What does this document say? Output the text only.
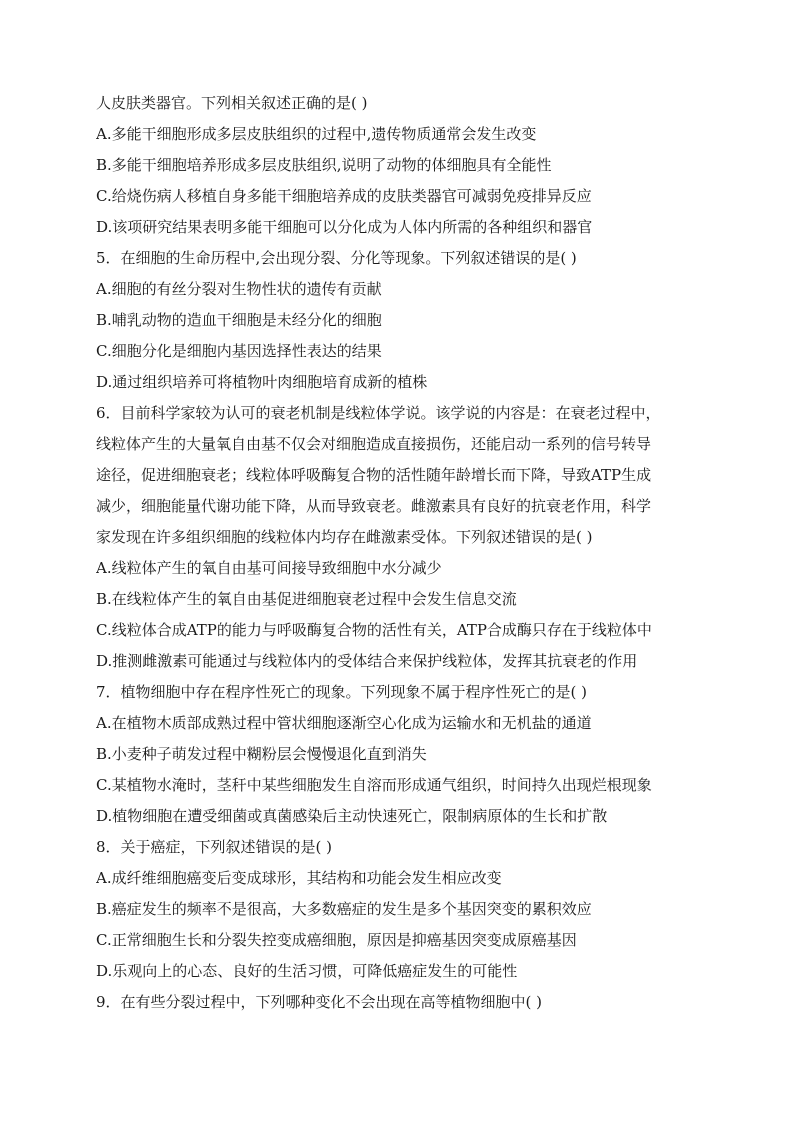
人皮肤类器官。下列相关叙述正确的是( )
A.多能干细胞形成多层皮肤组织的过程中,遗传物质通常会发生改变
B.多能干细胞培养形成多层皮肤组织,说明了动物的体细胞具有全能性
C.给烧伤病人移植自身多能干细胞培养成的皮肤类器官可减弱免疫排异反应
D.该项研究结果表明多能干细胞可以分化成为人体内所需的各种组织和器官
5．在细胞的生命历程中,会出现分裂、分化等现象。下列叙述错误的是( )
A.细胞的有丝分裂对生物性状的遗传有贡献
B.哺乳动物的造血干细胞是未经分化的细胞
C.细胞分化是细胞内基因选择性表达的结果
D.通过组织培养可将植物叶肉细胞培育成新的植株
6．目前科学家较为认可的衰老机制是线粒体学说。该学说的内容是：在衰老过程中，
线粒体产生的大量氧自由基不仅会对细胞造成直接损伤，还能启动一系列的信号转导
途径，促进细胞衰老；线粒体呼吸酶复合物的活性随年龄增长而下降，导致ATP生成
减少，细胞能量代谢功能下降，从而导致衰老。雌激素具有良好的抗衰老作用，科学
家发现在许多组织细胞的线粒体内均存在雌激素受体。下列叙述错误的是( )
A.线粒体产生的氧自由基可间接导致细胞中水分减少
B.在线粒体产生的氧自由基促进细胞衰老过程中会发生信息交流
C.线粒体合成ATP的能力与呼吸酶复合物的活性有关，ATP合成酶只存在于线粒体中
D.推测雌激素可能通过与线粒体内的受体结合来保护线粒体，发挥其抗衰老的作用
7．植物细胞中存在程序性死亡的现象。下列现象不属于程序性死亡的是( )
A.在植物木质部成熟过程中管状细胞逐渐空心化成为运输水和无机盐的通道
B.小麦种子萌发过程中糊粉层会慢慢退化直到消失
C.某植物水淹时，茎秆中某些细胞发生自溶而形成通气组织，时间持久出现烂根现象
D.植物细胞在遭受细菌或真菌感染后主动快速死亡，限制病原体的生长和扩散
8．关于癌症，下列叙述错误的是( )
A.成纤维细胞癌变后变成球形，其结构和功能会发生相应改变
B.癌症发生的频率不是很高，大多数癌症的发生是多个基因突变的累积效应
C.正常细胞生长和分裂失控变成癌细胞，原因是抑癌基因突变成原癌基因
D.乐观向上的心态、良好的生活习惯，可降低癌症发生的可能性
9．在有些分裂过程中，下列哪种变化不会出现在高等植物细胞中( )
